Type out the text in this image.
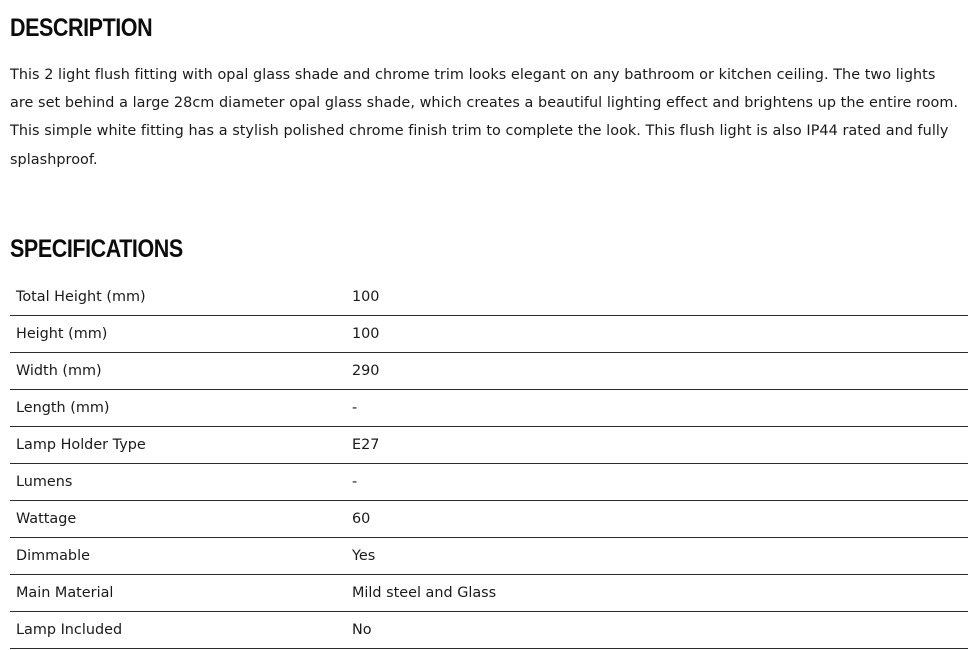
DESCRIPTION

This 2 light flush fitting with opal glass shade and chrome trim looks elegant on any bathroom or kitchen ceiling. The two lights are set behind a large 28cm diameter opal glass shade, which creates a beautiful lighting effect and brightens up the entire room. This simple white fitting has a stylish polished chrome finish trim to complete the look. This flush light is also IP44 rated and fully splashproof.

SPECIFICATIONS
Total Height (mm)	100
Height (mm)	100
Width (mm)	290
Length (mm)	-
Lamp Holder Type	E27
Lumens	-
Wattage	60
Dimmable	Yes
Main Material	Mild steel and Glass
Lamp Included	No
